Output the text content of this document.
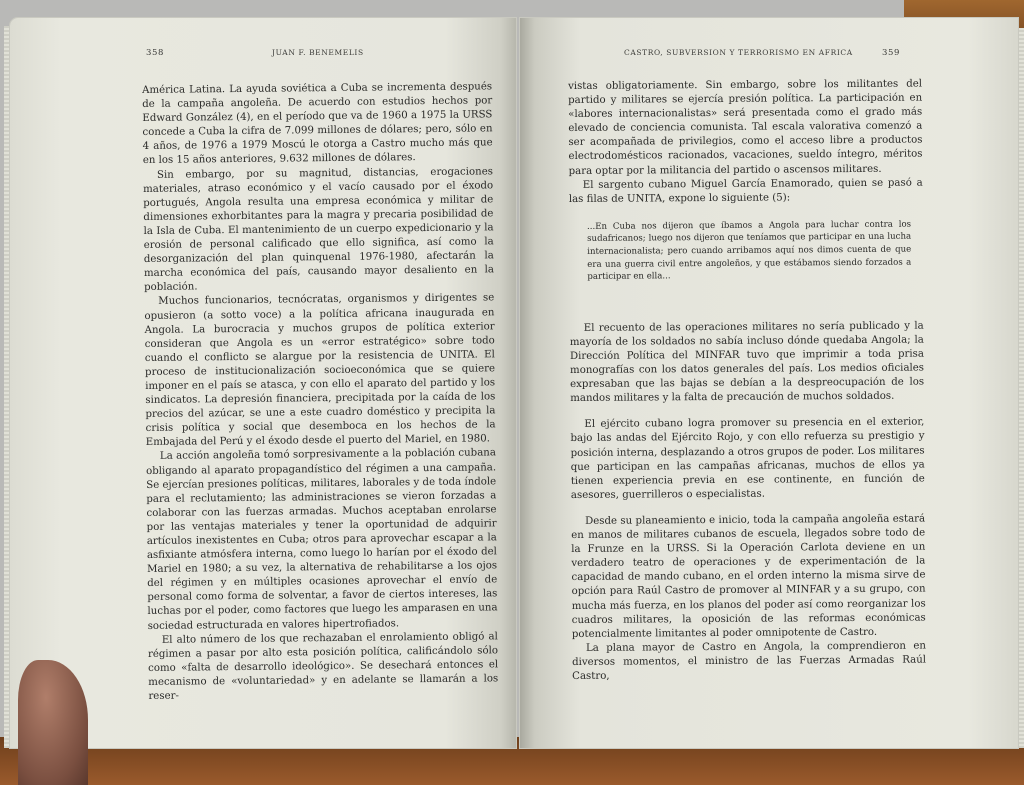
358	JUAN F. BENEMELIS

América Latina. La ayuda soviética a Cuba se incrementa después de la campaña angoleña. De acuerdo con estudios hechos por Edward González (4), en el período que va de 1960 a 1975 la URSS concede a Cuba la cifra de 7.099 millones de dólares; pero, sólo en 4 años, de 1976 a 1979 Moscú le otorga a Castro mucho más que en los 15 años anteriores, 9.632 millones de dólares.

Sin embargo, por su magnitud, distancias, erogaciones materiales, atraso económico y el vacío causado por el éxodo portugués, Angola resulta una empresa económica y militar de dimensiones exhorbitantes para la magra y precaria posibilidad de la Isla de Cuba. El mantenimiento de un cuerpo expedicionario y la erosión de personal calificado que ello significa, así como la desorganización del plan quinquenal 1976-1980, afectarán la marcha económica del país, causando mayor desaliento en la población.

Muchos funcionarios, tecnócratas, organismos y dirigentes se opusieron (a sotto voce) a la política africana inaugurada en Angola. La burocracia y muchos grupos de política exterior consideran que Angola es un «error estratégico» sobre todo cuando el conflicto se alargue por la resistencia de UNITA. El proceso de institucionalización socioeconómica que se quiere imponer en el país se atasca, y con ello el aparato del partido y los sindicatos. La depresión financiera, precipitada por la caída de los precios del azúcar, se une a este cuadro doméstico y precipita la crisis política y social que desemboca en los hechos de la Embajada del Perú y el éxodo desde el puerto del Mariel, en 1980.

La acción angoleña tomó sorpresivamente a la población cubana obligando al aparato propagandístico del régimen a una campaña. Se ejercían presiones políticas, militares, laborales y de toda índole para el reclutamiento; las administraciones se vieron forzadas a colaborar con las fuerzas armadas. Muchos aceptaban enrolarse por las ventajas materiales y tener la oportunidad de adquirir artículos inexistentes en Cuba; otros para aprovechar escapar a la asfixiante atmósfera interna, como luego lo harían por el éxodo del Mariel en 1980; a su vez, la alternativa de rehabilitarse a los ojos del régimen y en múltiples ocasiones aprovechar el envío de personal como forma de solventar, a favor de ciertos intereses, las luchas por el poder, como factores que luego les amparasen en una sociedad estructurada en valores hipertrofiados.

El alto número de los que rechazaban el enrolamiento obligó al régimen a pasar por alto esta posición política, calificándolo sólo como «falta de desarrollo ideológico». Se desechará entonces el mecanismo de «voluntariedad» y en adelante se llamarán a los reser-

CASTRO, SUBVERSION Y TERRORISMO EN AFRICA	359

vistas obligatoriamente. Sin embargo, sobre los militantes del partido y militares se ejercía presión política. La participación en «labores internacionalistas» será presentada como el grado más elevado de conciencia comunista. Tal escala valorativa comenzó a ser acompañada de privilegios, como el acceso libre a productos electrodomésticos racionados, vacaciones, sueldo íntegro, méritos para optar por la militancia del partido o ascensos militares.

El sargento cubano Miguel García Enamorado, quien se pasó a las filas de UNITA, expone lo siguiente (5):

...En Cuba nos dijeron que íbamos a Angola para luchar contra los sudafricanos; luego nos dijeron que teníamos que participar en una lucha internacionalista; pero cuando arribamos aquí nos dimos cuenta de que era una guerra civil entre angoleños, y que estábamos siendo forzados a participar en ella...

El recuento de las operaciones militares no sería publicado y la mayoría de los soldados no sabía incluso dónde quedaba Angola; la Dirección Política del MINFAR tuvo que imprimir a toda prisa monografías con los datos generales del país. Los medios oficiales expresaban que las bajas se debían a la despreocupación de los mandos militares y la falta de precaución de muchos soldados.

El ejército cubano logra promover su presencia en el exterior, bajo las andas del Ejército Rojo, y con ello refuerza su prestigio y posición interna, desplazando a otros grupos de poder. Los militares que participan en las campañas africanas, muchos de ellos ya tienen experiencia previa en ese continente, en función de asesores, guerrilleros o especialistas.

Desde su planeamiento e inicio, toda la campaña angoleña estará en manos de militares cubanos de escuela, llegados sobre todo de la Frunze en la URSS. Si la Operación Carlota deviene en un verdadero teatro de operaciones y de experimentación de la capacidad de mando cubano, en el orden interno la misma sirve de opción para Raúl Castro de promover al MINFAR y a su grupo, con mucha más fuerza, en los planos del poder así como reorganizar los cuadros militares, la oposición de las reformas económicas potencialmente limitantes al poder omnipotente de Castro.

La plana mayor de Castro en Angola, la comprendieron en diversos momentos, el ministro de las Fuerzas Armadas Raúl Castro,
